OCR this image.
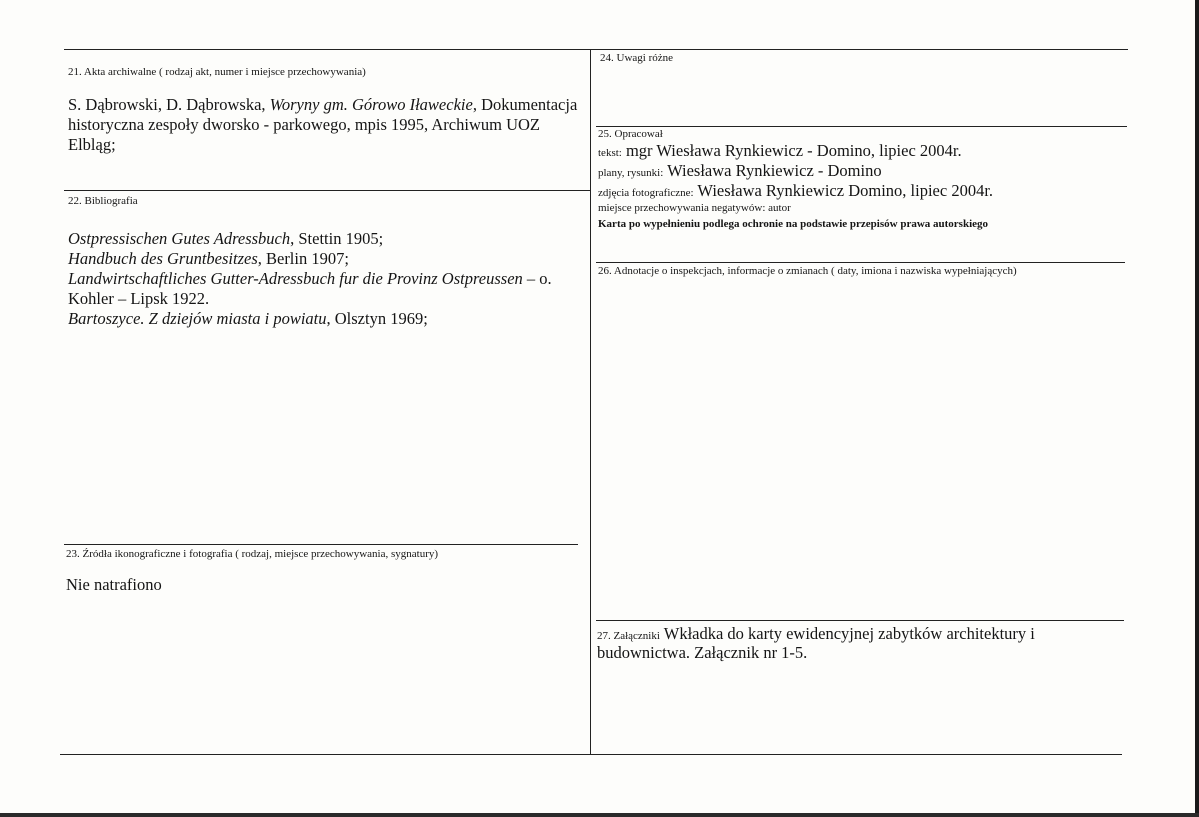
21. Akta archiwalne ( rodzaj akt, numer i miejsce przechowywania)
S. Dąbrowski, D. Dąbrowska, Woryny gm. Górowo Iławeckie, Dokumentacja
historyczna zespoły dworsko - parkowego, mpis 1995, Archiwum UOZ
Elbląg;
22. Bibliografia
Ostpressischen Gutes Adressbuch, Stettin 1905;
Handbuch des Gruntbesitzes, Berlin 1907;
Landwirtschaftliches Gutter-Adressbuch fur die Provinz Ostpreussen – o.
Kohler – Lipsk 1922.
Bartoszyce. Z dziejów miasta i powiatu, Olsztyn 1969;
23. Źródła ikonograficzne i fotografia ( rodzaj, miejsce przechowywania, sygnatury)
Nie natrafiono
24. Uwagi różne
25. Opracował
tekst: mgr Wiesława Rynkiewicz - Domino, lipiec 2004r.
plany, rysunki: Wiesława Rynkiewicz - Domino
zdjęcia fotograficzne: Wiesława Rynkiewicz Domino, lipiec 2004r.
miejsce przechowywania negatywów: autor
Karta po wypełnieniu podlega ochronie na podstawie przepisów prawa autorskiego
26. Adnotacje o inspekcjach, informacje o zmianach ( daty, imiona i nazwiska wypełniających)
27. Załączniki Wkładka do karty ewidencyjnej zabytków architektury i
budownictwa. Załącznik nr 1-5.
